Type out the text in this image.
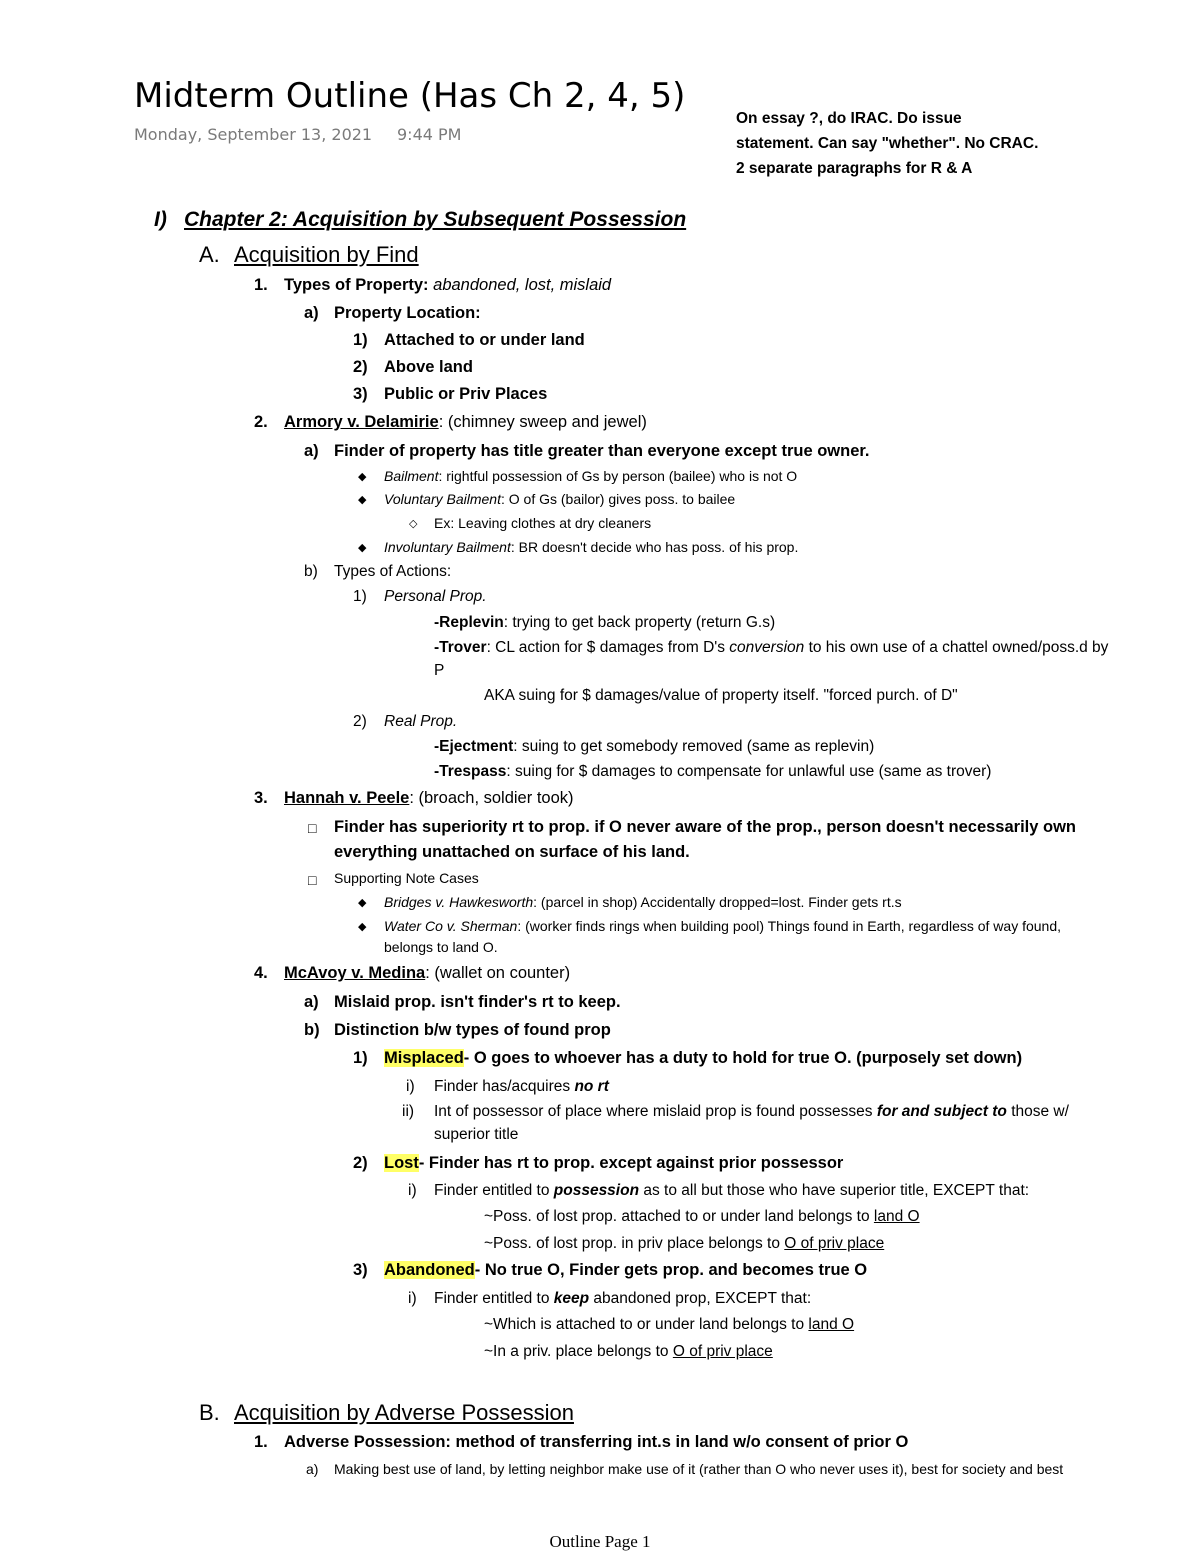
Midterm Outline (Has Ch 2, 4, 5)
Monday, September 13, 2021 9:44 PM
On essay ?, do IRAC. Do issue
statement. Can say "whether". No CRAC.
2 separate paragraphs for R & A
I) Chapter 2: Acquisition by Subsequent Possession
A. Acquisition by Find
1. Types of Property: abandoned, lost, mislaid
a) Property Location:
1) Attached to or under land
2) Above land
3) Public or Priv Places
2. Armory v. Delamirie: (chimney sweep and jewel)
a) Finder of property has title greater than everyone except true owner.
◆ Bailment: rightful possession of Gs by person (bailee) who is not O
◆ Voluntary Bailment: O of Gs (bailor) gives poss. to bailee
◇ Ex: Leaving clothes at dry cleaners
◆ Involuntary Bailment: BR doesn't decide who has poss. of his prop.
b) Types of Actions:
1) Personal Prop.
-Replevin: trying to get back property (return G.s)
-Trover: CL action for $ damages from D's conversion to his own use of a chattel owned/poss.d by
P
AKA suing for $ damages/value of property itself. "forced purch. of D"
2) Real Prop.
-Ejectment: suing to get somebody removed (same as replevin)
-Trespass: suing for $ damages to compensate for unlawful use (same as trover)
3. Hannah v. Peele: (broach, soldier took)
□ Finder has superiority rt to prop. if O never aware of the prop., person doesn't necessarily own
everything unattached on surface of his land.
□ Supporting Note Cases
◆ Bridges v. Hawkesworth: (parcel in shop) Accidentally dropped=lost. Finder gets rt.s
◆ Water Co v. Sherman: (worker finds rings when building pool) Things found in Earth, regardless of way found,
belongs to land O.
4. McAvoy v. Medina: (wallet on counter)
a) Mislaid prop. isn't finder's rt to keep.
b) Distinction b/w types of found prop
1) Misplaced- O goes to whoever has a duty to hold for true O. (purposely set down)
i) Finder has/acquires no rt
ii) Int of possessor of place where mislaid prop is found possesses for and subject to those w/
superior title
2) Lost- Finder has rt to prop. except against prior possessor
i) Finder entitled to possession as to all but those who have superior title, EXCEPT that:
~Poss. of lost prop. attached to or under land belongs to land O
~Poss. of lost prop. in priv place belongs to O of priv place
3) Abandoned- No true O, Finder gets prop. and becomes true O
i) Finder entitled to keep abandoned prop, EXCEPT that:
~Which is attached to or under land belongs to land O
~In a priv. place belongs to O of priv place
B. Acquisition by Adverse Possession
1. Adverse Possession: method of transferring int.s in land w/o consent of prior O
a) Making best use of land, by letting neighbor make use of it (rather than O who never uses it), best for society and best
Outline Page 1
